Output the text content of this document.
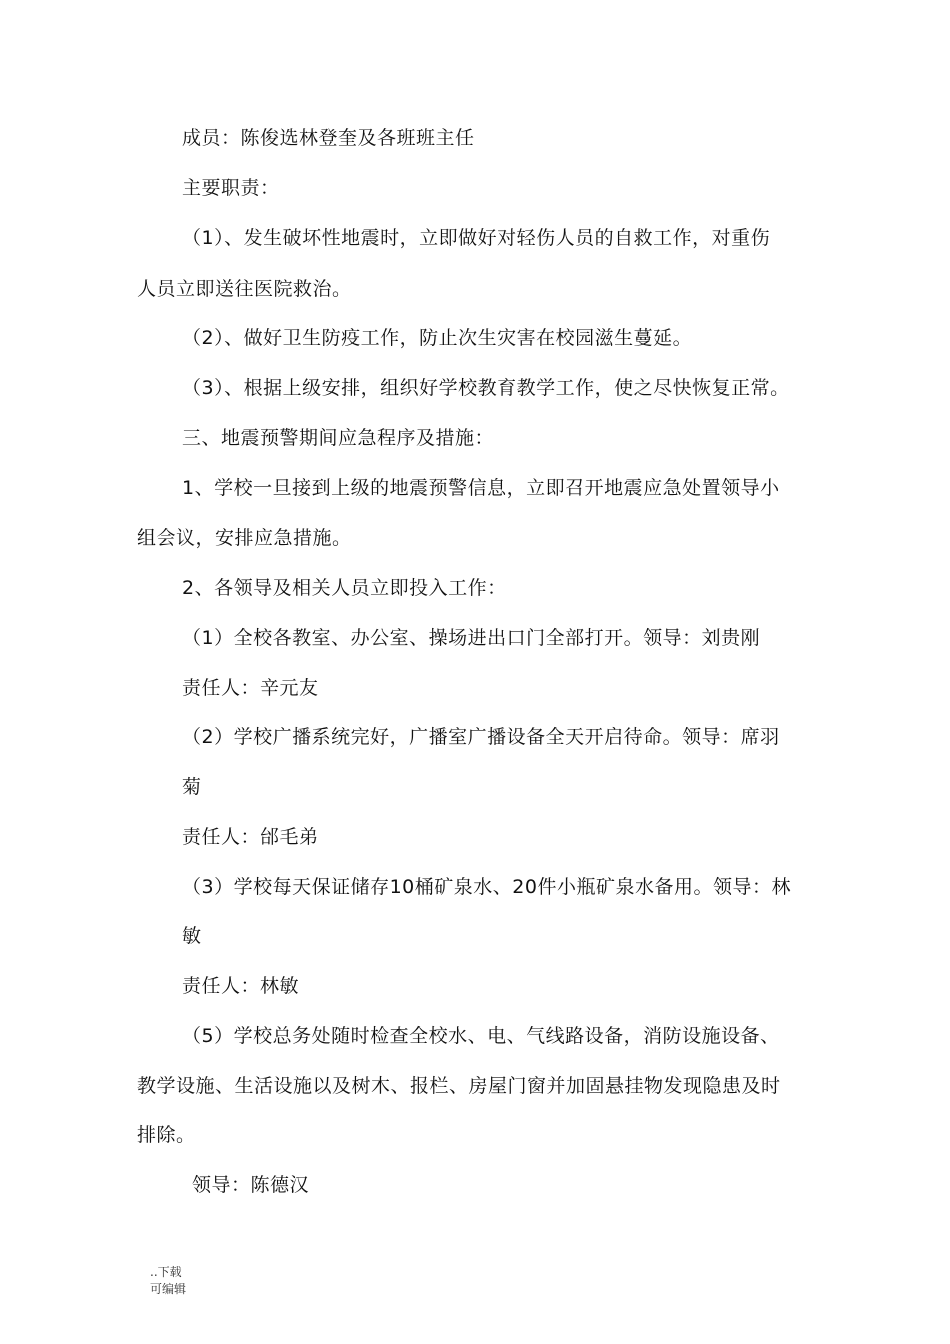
成员：陈俊选林登奎及各班班主任
主要职责：
（1）、发生破坏性地震时，立即做好对轻伤人员的自救工作，对重伤
人员立即送往医院救治。
（2）、做好卫生防疫工作，防止次生灾害在校园滋生蔓延。
（3）、根据上级安排，组织好学校教育教学工作，使之尽快恢复正常。
三、地震预警期间应急程序及措施：
1、学校一旦接到上级的地震预警信息，立即召开地震应急处置领导小
组会议，安排应急措施。
2、各领导及相关人员立即投入工作：
（1）全校各教室、办公室、操场进出口门全部打开。领导：刘贵刚
责任人：辛元友
（2）学校广播系统完好，广播室广播设备全天开启待命。领导：席羽
菊
责任人：邰毛弟
（3）学校每天保证储存10桶矿泉水、20件小瓶矿泉水备用。领导：林
敏
责任人：林敏
（5）学校总务处随时检查全校水、电、气线路设备，消防设施设备、
教学设施、生活设施以及树木、报栏、房屋门窗并加固悬挂物发现隐患及时
排除。
领导：陈德汉
..下载
可编辑
